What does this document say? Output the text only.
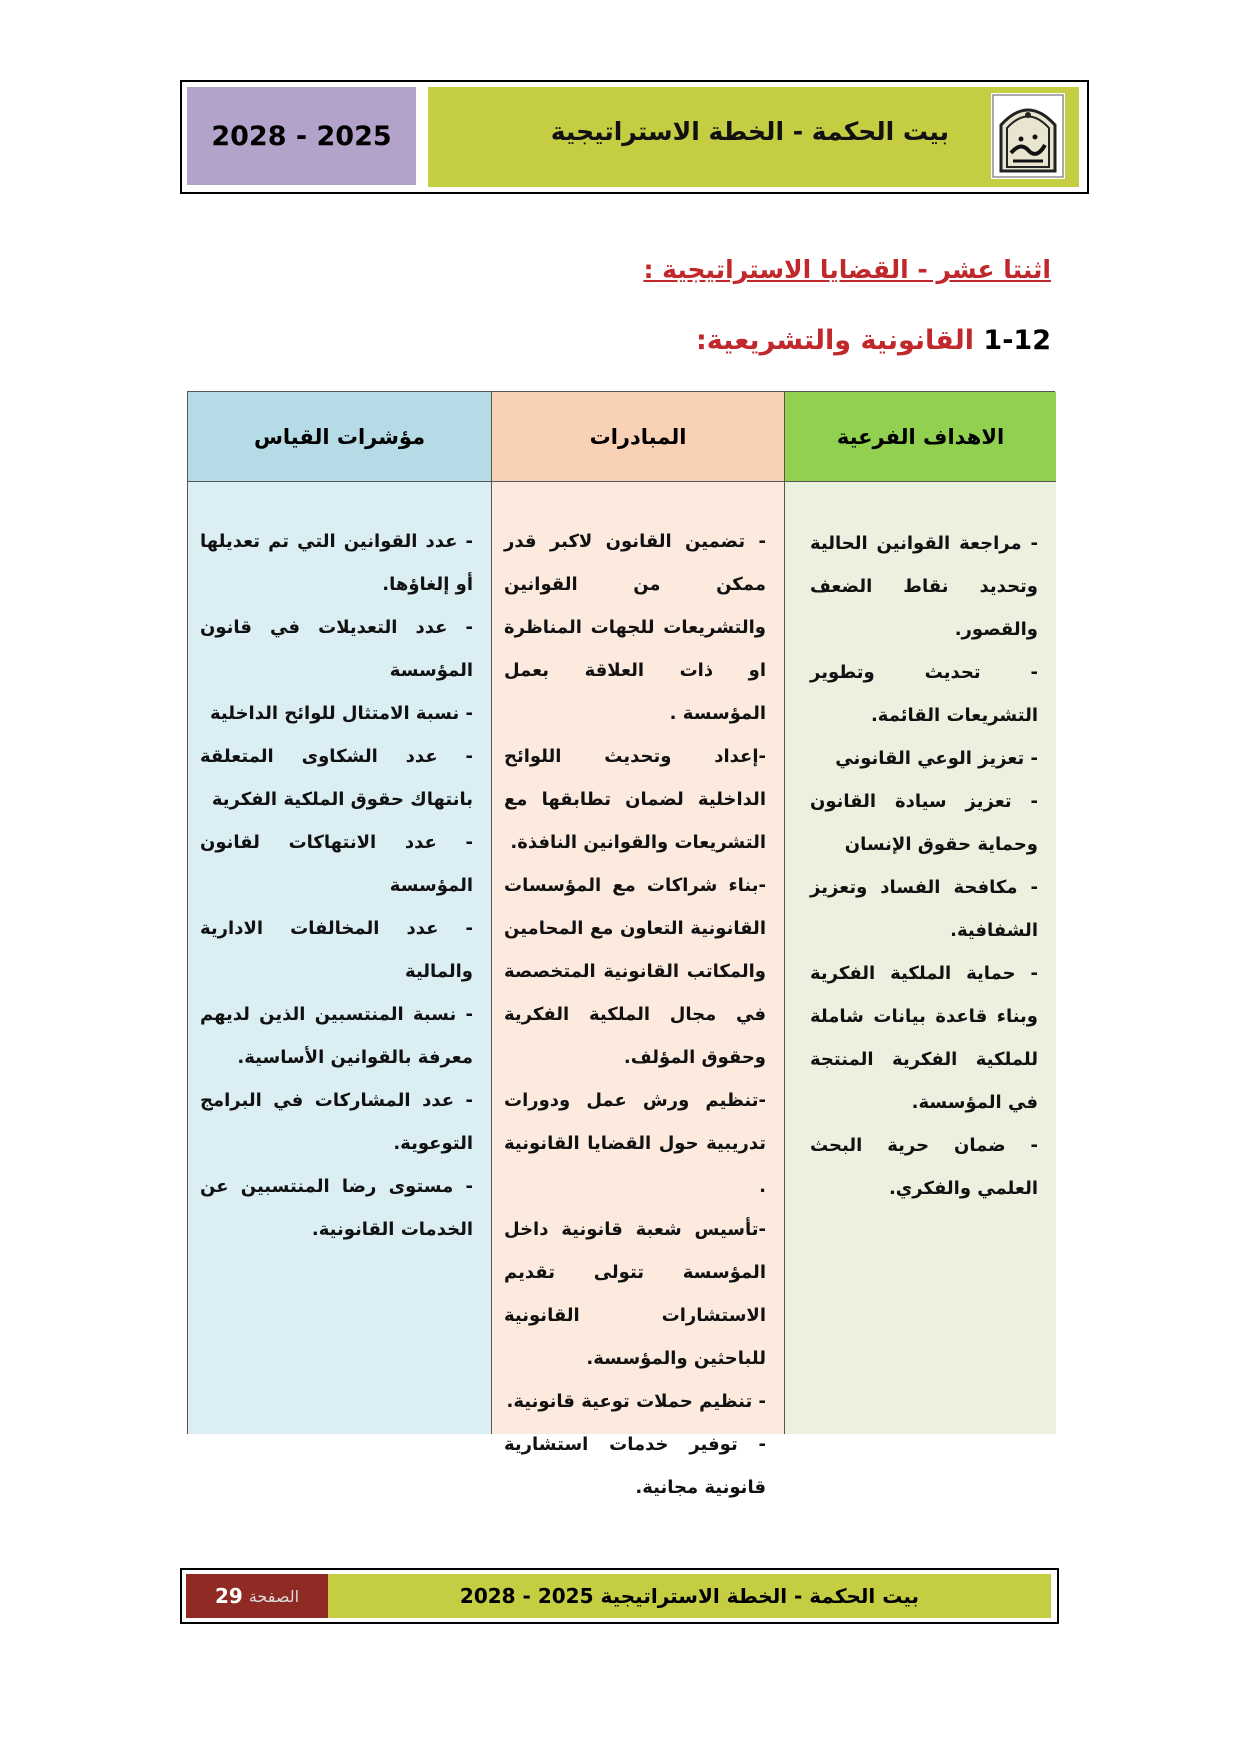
2028 - 2025	بيت الحكمة - الخطة الاستراتيجية
اثنتا عشر - القضايا الاستراتيجية :
1-12 القانونية والتشريعية:
الاهداف الفرعية
- مراجعة القوانين الحالية وتحديد نقاط الضعف والقصور.
- تحديث وتطوير التشريعات القائمة.
- تعزيز الوعي القانوني
- تعزيز سيادة القانون وحماية حقوق الإنسان
- مكافحة الفساد وتعزيز الشفافية.
- حماية الملكية الفكرية وبناء قاعدة بيانات شاملة للملكية الفكرية المنتجة في المؤسسة.
- ضمان حرية البحث العلمي والفكري.
المبادرات
- تضمين القانون لاكبر قدر ممكن من القوانين والتشريعات للجهات المناظرة او ذات العلاقة بعمل المؤسسة .
-إعداد وتحديث اللوائح الداخلية لضمان تطابقها مع التشريعات والقوانين النافذة.
-بناء شراكات مع المؤسسات القانونية التعاون مع المحامين والمكاتب القانونية المتخصصة في مجال الملكية الفكرية وحقوق المؤلف.
-تنظيم ورش عمل ودورات تدريبية حول القضايا القانونية .
-تأسيس شعبة قانونية داخل المؤسسة تتولى تقديم الاستشارات القانونية للباحثين والمؤسسة.
- تنظيم حملات توعية قانونية.
- توفير خدمات استشارية قانونية مجانية.
مؤشرات القياس
- عدد القوانين التي تم تعديلها أو إلغاؤها.
- عدد التعديلات في قانون المؤسسة
- نسبة الامتثال للوائح الداخلية
- عدد الشكاوى المتعلقة بانتهاك حقوق الملكية الفكرية
- عدد الانتهاكات لقانون المؤسسة
- عدد المخالفات الادارية والمالية
- نسبة المنتسبين الذين لديهم معرفة بالقوانين الأساسية.
- عدد المشاركات في البرامج التوعوية.
- مستوى رضا المنتسبين عن الخدمات القانونية.
الصفحة
29	بيت الحكمة - الخطة الاستراتيجية 2025 - 2028
